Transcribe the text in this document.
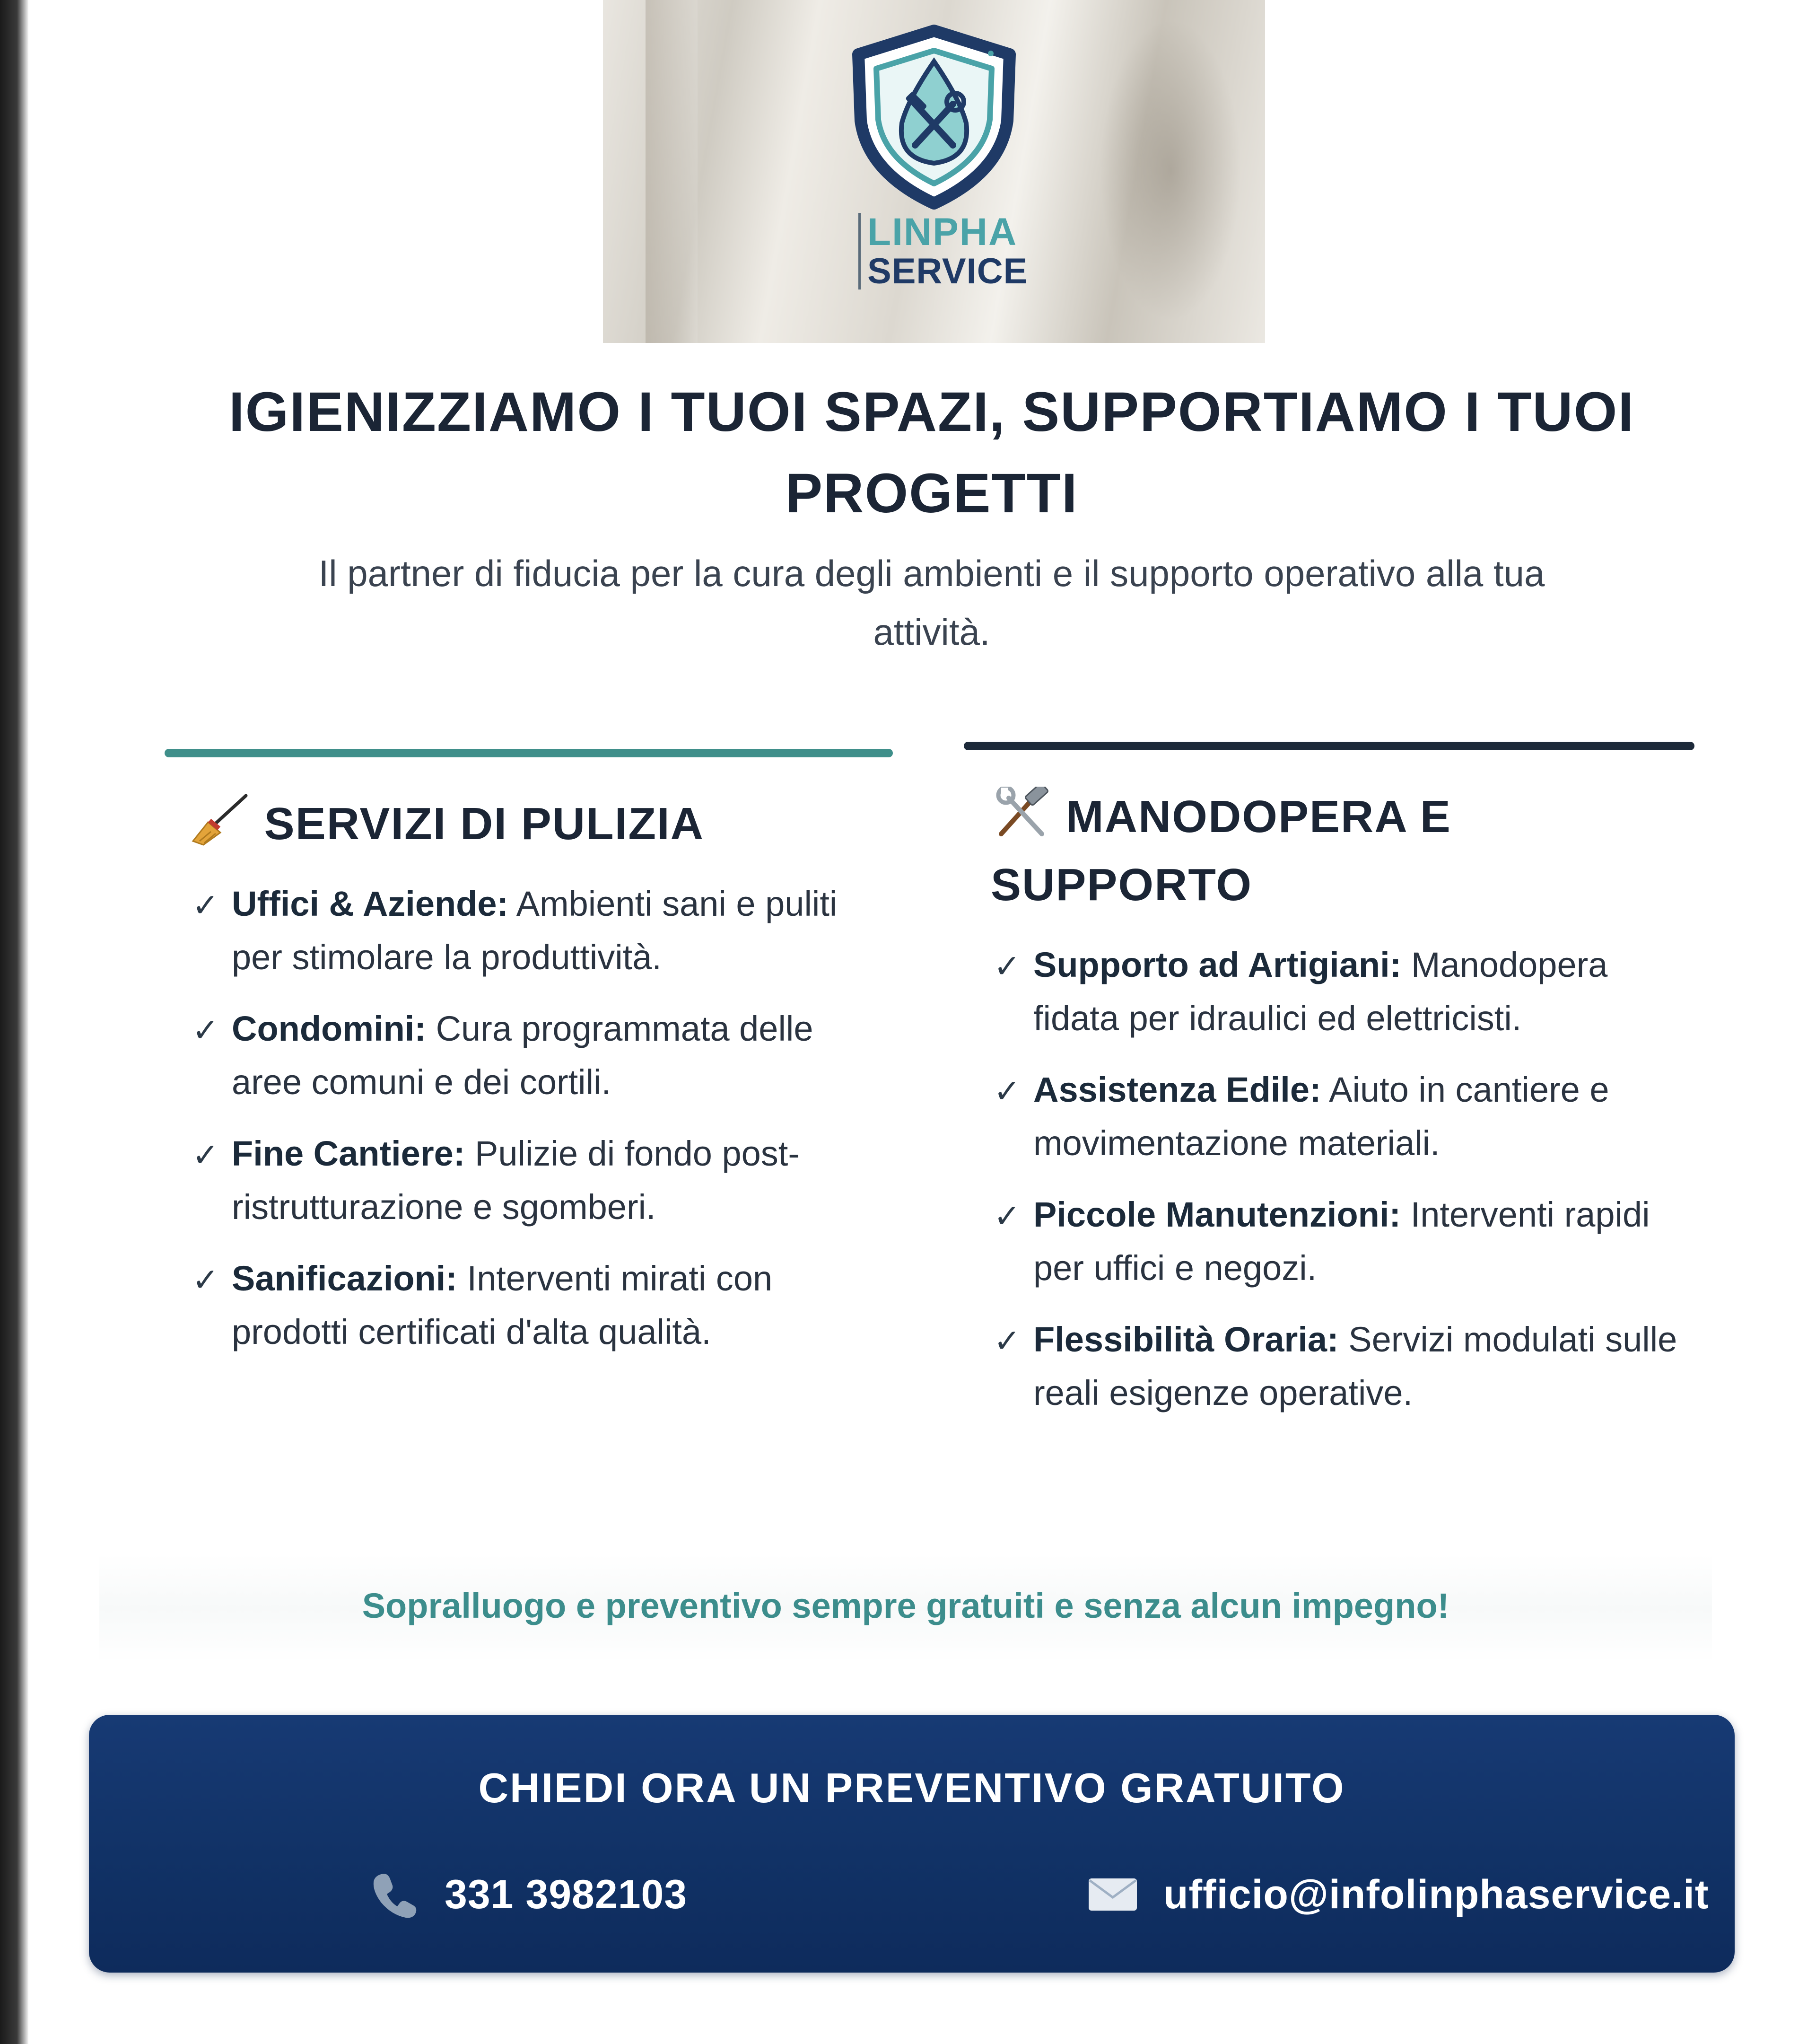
LINPHA
SERVICE
IGIENIZZIAMO I TUOI SPAZI, SUPPORTIAMO I TUOI PROGETTI
Il partner di fiducia per la cura degli ambienti e il supporto operativo alla tua attività.
SERVIZI DI PULIZIA
✓ Uffici & Aziende: Ambienti sani e puliti per stimolare la produttività.
✓ Condomini: Cura programmata delle aree comuni e dei cortili.
✓ Fine Cantiere: Pulizie di fondo post-ristrutturazione e sgomberi.
✓ Sanificazioni: Interventi mirati con prodotti certificati d'alta qualità.
MANODOPERA E SUPPORTO
✓ Supporto ad Artigiani: Manodopera fidata per idraulici ed elettricisti.
✓ Assistenza Edile: Aiuto in cantiere e movimentazione materiali.
✓ Piccole Manutenzioni: Interventi rapidi per uffici e negozi.
✓ Flessibilità Oraria: Servizi modulati sulle reali esigenze operative.
Sopralluogo e preventivo sempre gratuiti e senza alcun impegno!
CHIEDI ORA UN PREVENTIVO GRATUITO
331 3982103	ufficio@infolinphaservice.it
